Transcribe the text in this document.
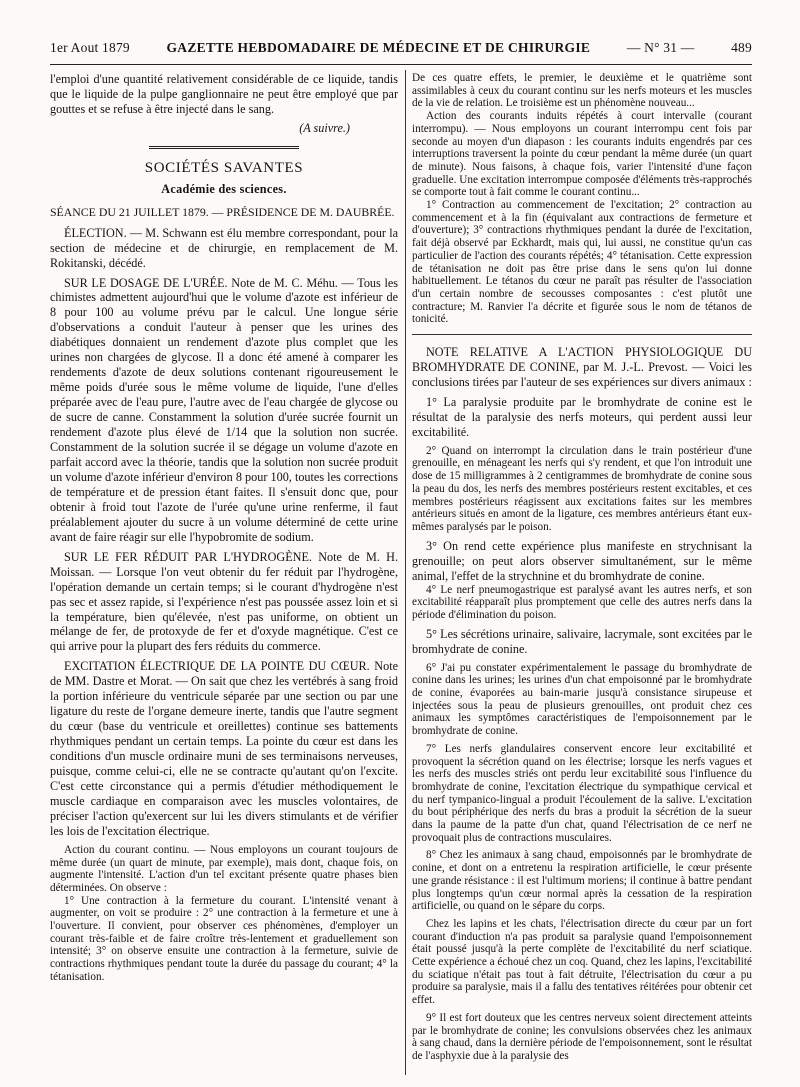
1er Aout 1879	GAZETTE HEBDOMADAIRE DE MÉDECINE ET DE CHIRURGIE	— N° 31 —	489

l'emploi d'une quantité relativement considérable de ce liquide, tandis que le liquide de la pulpe ganglionnaire ne peut être employé que par gouttes et se refuse à être injecté dans le sang.

(A suivre.)
SOCIÉTÉS SAVANTES
Académie des sciences.

SÉANCE DU 21 JUILLET 1879. — PRÉSIDENCE DE M. DAUBRÉE.

ÉLECTION. — M. Schwann est élu membre correspondant, pour la section de médecine et de chirurgie, en remplacement de M. Rokitanski, décédé.

SUR LE DOSAGE DE L'URÉE. Note de M. C. Méhu. — Tous les chimistes admettent aujourd'hui que le volume d'azote est inférieur de 8 pour 100 au volume prévu par le calcul. Une longue série d'observations a conduit l'auteur à penser que les urines des diabétiques donnaient un rendement d'azote plus complet que les urines non chargées de glycose. Il a donc été amené à comparer les rendements d'azote de deux solutions contenant rigoureusement le même poids d'urée sous le même volume de liquide, l'une d'elles préparée avec de l'eau pure, l'autre avec de l'eau chargée de glycose ou de sucre de canne. Constamment la solution d'urée sucrée fournit un rendement d'azote plus élevé de 1/14 que la solution non sucrée. Constamment de la solution sucrée il se dégage un volume d'azote en parfait accord avec la théorie, tandis que la solution non sucrée produit un volume d'azote inférieur d'environ 8 pour 100, toutes les corrections de température et de pression étant faites. Il s'ensuit donc que, pour obtenir à froid tout l'azote de l'urée qu'une urine renferme, il faut préalablement ajouter du sucre à un volume déterminé de cette urine avant de faire réagir sur elle l'hypobromite de sodium.

SUR LE FER RÉDUIT PAR L'HYDROGÈNE. Note de M. H. Moissan. — Lorsque l'on veut obtenir du fer réduit par l'hydrogène, l'opération demande un certain temps; si le courant d'hydrogène n'est pas sec et assez rapide, si l'expérience n'est pas poussée assez loin et si la température, bien qu'élevée, n'est pas uniforme, on obtient un mélange de fer, de protoxyde de fer et d'oxyde magnétique. C'est ce qui arrive pour la plupart des fers réduits du commerce.

EXCITATION ÉLECTRIQUE DE LA POINTE DU CŒUR. Note de MM. Dastre et Morat. — On sait que chez les vertébrés à sang froid la portion inférieure du ventricule séparée par une section ou par une ligature du reste de l'organe demeure inerte, tandis que l'autre segment du cœur (base du ventricule et oreillettes) continue ses battements rhythmiques pendant un certain temps. La pointe du cœur est dans les conditions d'un muscle ordinaire muni de ses terminaisons nerveuses, puisque, comme celui-ci, elle ne se contracte qu'autant qu'on l'excite. C'est cette circonstance qui a permis d'étudier méthodiquement le muscle cardiaque en comparaison avec les muscles volontaires, de préciser l'action qu'exercent sur lui les divers stimulants et de vérifier les lois de l'excitation électrique.

Action du courant continu. — Nous employons un courant toujours de même durée (un quart de minute, par exemple), mais dont, chaque fois, on augmente l'intensité. L'action d'un tel excitant présente quatre phases bien déterminées. On observe :

1° Une contraction à la fermeture du courant. L'intensité venant à augmenter, on voit se produire : 2° une contraction à la fermeture et une à l'ouverture. Il convient, pour observer ces phénomènes, d'employer un courant très-faible et de faire croître très-lentement et graduellement son intensité; 3° on observe ensuite une contraction à la fermeture, suivie de contractions rhythmiques pendant toute la durée du passage du courant; 4° la tétanisation.

De ces quatre effets, le premier, le deuxième et le quatrième sont assimilables à ceux du courant continu sur les nerfs moteurs et les muscles de la vie de relation. Le troisième est un phénomène nouveau...

Action des courants induits répétés à court intervalle (courant interrompu). — Nous employons un courant interrompu cent fois par seconde au moyen d'un diapason : les courants induits engendrés par ces interruptions traversent la pointe du cœur pendant la même durée (un quart de minute). Nous faisons, à chaque fois, varier l'intensité d'une façon graduelle. Une excitation interrompue composée d'éléments très-rapprochés se comporte tout à fait comme le courant continu...

1° Contraction au commencement de l'excitation; 2° contraction au commencement et à la fin (équivalant aux contractions de fermeture et d'ouverture); 3° contractions rhythmiques pendant la durée de l'excitation, fait déjà observé par Eckhardt, mais qui, lui aussi, ne constitue qu'un cas particulier de l'action des courants répétés; 4° tétanisation. Cette expression de tétanisation ne doit pas être prise dans le sens qu'on lui donne habituellement. Le tétanos du cœur ne paraît pas résulter de l'association d'un certain nombre de secousses composantes : c'est plutôt une contracture; M. Ranvier l'a décrite et figurée sous le nom de tétanos de tonicité.

NOTE RELATIVE A L'ACTION PHYSIOLOGIQUE DU BROMHYDRATE DE CONINE, par M. J.-L. Prevost. — Voici les conclusions tirées par l'auteur de ses expériences sur divers animaux :

1° La paralysie produite par le bromhydrate de conine est le résultat de la paralysie des nerfs moteurs, qui perdent aussi leur excitabilité.

2° Quand on interrompt la circulation dans le train postérieur d'une grenouille, en ménageant les nerfs qui s'y rendent, et que l'on introduit une dose de 15 milligrammes à 2 centigrammes de bromhydrate de conine sous la peau du dos, les nerfs des membres postérieurs restent excitables, et ces membres postérieurs réagissent aux excitations faites sur les membres antérieurs situés en amont de la ligature, ces membres antérieurs étant eux-mêmes paralysés par le poison.

3° On rend cette expérience plus manifeste en strychnisant la grenouille; on peut alors observer simultanément, sur le même animal, l'effet de la strychnine et du bromhydrate de conine.

4° Le nerf pneumogastrique est paralysé avant les autres nerfs, et son excitabilité réapparaît plus promptement que celle des autres nerfs dans la période d'élimination du poison.

5° Les sécrétions urinaire, salivaire, lacrymale, sont excitées par le bromhydrate de conine.

6° J'ai pu constater expérimentalement le passage du bromhydrate de conine dans les urines; les urines d'un chat empoisonné par le bromhydrate de conine, évaporées au bain-marie jusqu'à consistance sirupeuse et injectées sous la peau de plusieurs grenouilles, ont produit chez ces animaux les symptômes caractéristiques de l'empoisonnement par le bromhydrate de conine.

7° Les nerfs glandulaires conservent encore leur excitabilité et provoquent la sécrétion quand on les électrise; lorsque les nerfs vagues et les nerfs des muscles striés ont perdu leur excitabilité sous l'influence du bromhydrate de conine, l'excitation électrique du sympathique cervical et du nerf tympanico-lingual a produit l'écoulement de la salive. L'excitation du bout périphérique des nerfs du bras a produit la sécrétion de la sueur dans la paume de la patte d'un chat, quand l'électrisation de ce nerf ne provoquait plus de contractions musculaires.

8° Chez les animaux à sang chaud, empoisonnés par le bromhydrate de conine, et dont on a entretenu la respiration artificielle, le cœur présente une grande résistance : il est l'ultimum moriens; il continue à battre pendant plus longtemps qu'un cœur normal après la cessation de la respiration artificielle, ou quand on le sépare du corps.

Chez les lapins et les chats, l'électrisation directe du cœur par un fort courant d'induction n'a pas produit sa paralysie quand l'empoisonnement était poussé jusqu'à la perte complète de l'excitabilité du nerf sciatique. Cette expérience a échoué chez un coq. Quand, chez les lapins, l'excitabilité du sciatique n'était pas tout à fait détruite, l'électrisation du cœur a pu produire sa paralysie, mais il a fallu des tentatives réitérées pour obtenir cet effet.

9° Il est fort douteux que les centres nerveux soient directement atteints par le bromhydrate de conine; les convulsions observées chez les animaux à sang chaud, dans la dernière période de l'empoisonnement, sont le résultat de l'asphyxie due à la paralysie des
